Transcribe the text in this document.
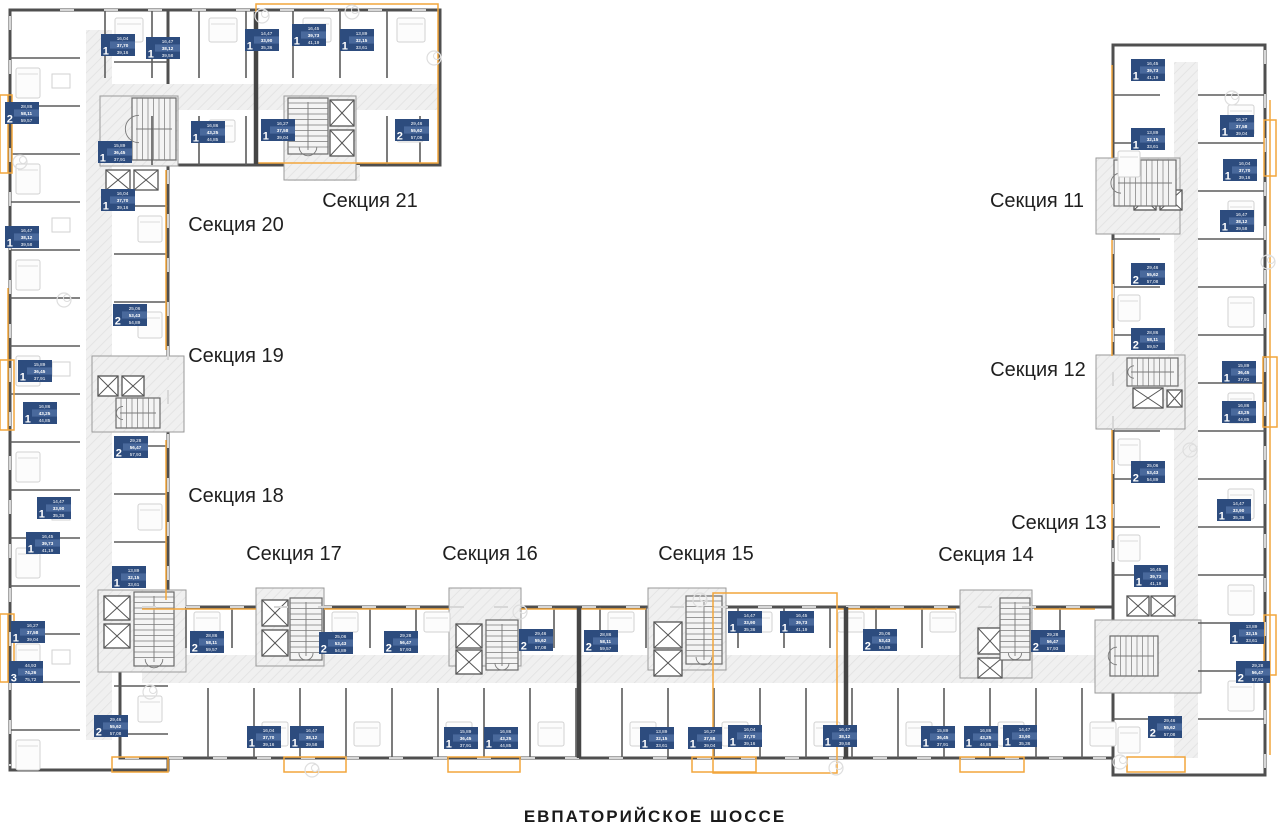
16,04
37,70
39,16
1
16,47
38,12
39,58
1
15,89
36,45
37,91
1
16,86
43,25
44,85
1
14,47
33,90
35,36
1
16,45
39,73
41,19
1
13,89
32,15
33,61
1
16,27
37,58
39,04
1
29,46
55,62
57,08
2
28,86
58,11
59,57
2
16,04
37,70
39,16
1
16,47
38,12
39,58
1
25,06
53,43
54,89
2
15,89
36,45
37,91
1
16,86
43,25
44,85
1
29,28
56,47
57,93
2
14,47
33,90
35,36
1
16,45
39,73
41,19
1
13,89
32,15
33,61
1
16,27
37,58
39,04
1
44,93
74,26
75,72
3
29,46
55,62
57,08
2
28,86
58,11
59,57
2
25,06
53,43
54,89
2
29,28
56,47
57,93
2
16,04
37,70
39,16
1
16,47
38,12
39,58
1
29,46
55,62
57,08
2
28,86
58,11
59,57
2
15,89
36,45
37,91
1
16,86
43,25
44,85
1
14,47
33,90
35,36
1
16,45
39,73
41,19
1
13,89
32,15
33,61
1
16,27
37,58
39,04
1
16,04
37,70
39,16
1
16,47
38,12
39,58
1
25,06
53,43
54,89
2
29,28
56,47
57,93
2
15,89
36,45
37,91
1
16,86
43,25
44,85
1
14,47
33,90
35,36
1
16,45
39,73
41,19
1
13,89
32,15
33,61
1
16,27
37,58
39,04
1
16,04
37,70
39,16
1
16,47
38,12
39,58
1
29,46
55,62
57,08
2
28,86
58,11
59,57
2
15,89
36,45
37,91
1
16,86
43,25
44,85
1
25,06
53,43
54,89
2
14,47
33,90
35,36
1
16,45
39,73
41,19
1
13,89
32,15
33,61
1
29,28
56,47
57,93
2
29,46
55,62
57,08
2
Секция 21
Секция 20
Секция 19
Секция 18
Секция 17	Секция 16	Секция 15	Секция 14
Секция 13
Секция 12
Секция 11
ЕВПАТОРИЙСКОЕ ШОССЕ
